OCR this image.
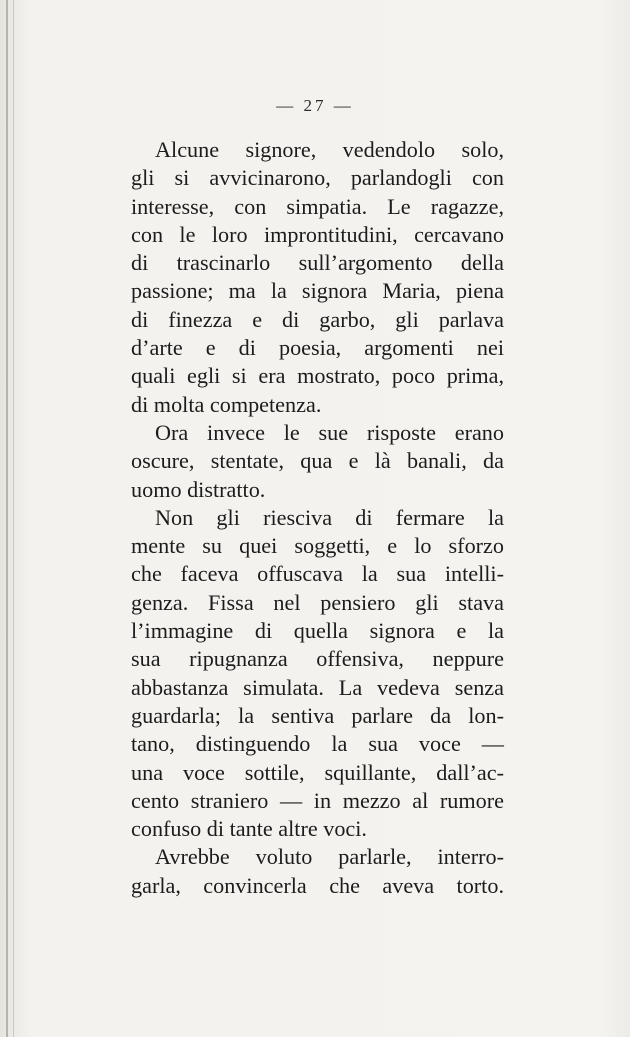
— 27 —
Alcune signore, vedendolo solo,
gli si avvicinarono, parlandogli con
interesse, con simpatia. Le ragazze,
con le loro improntitudini, cercavano
di trascinarlo sull’argomento della
passione; ma la signora Maria, piena
di finezza e di garbo, gli parlava
d’arte e di poesia, argomenti nei
quali egli si era mostrato, poco prima,
di molta competenza.
Ora invece le sue risposte erano
oscure, stentate, qua e là banali, da
uomo distratto.
Non gli riesciva di fermare la
mente su quei soggetti, e lo sforzo
che faceva offuscava la sua intelli-
genza. Fissa nel pensiero gli stava
l’immagine di quella signora e la
sua ripugnanza offensiva, neppure
abbastanza simulata. La vedeva senza
guardarla; la sentiva parlare da lon-
tano, distinguendo la sua voce —
una voce sottile, squillante, dall’ac-
cento straniero — in mezzo al rumore
confuso di tante altre voci.
Avrebbe voluto parlarle, interro-
garla, convincerla che aveva torto.
